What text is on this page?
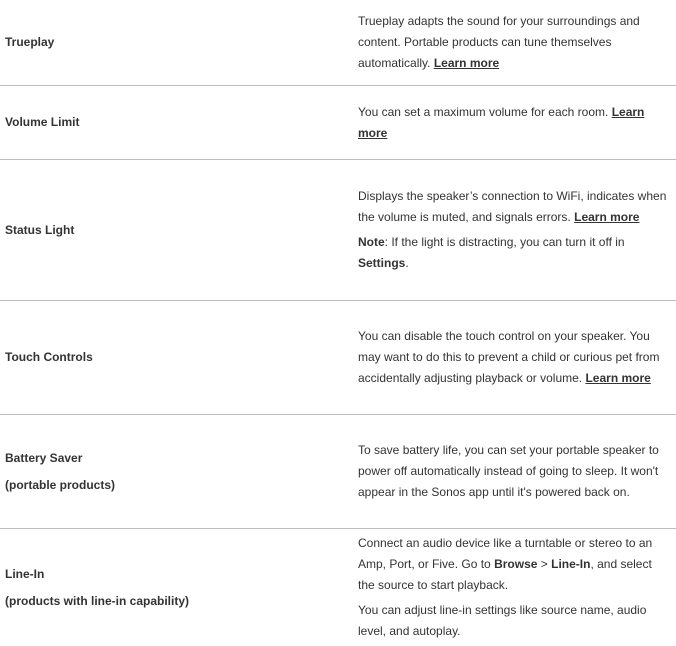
Trueplay

Trueplay adapts the sound for your surroundings and content. Portable products can tune themselves automatically. Learn more

Volume Limit

You can set a maximum volume for each room. Learn more

Status Light

Displays the speaker’s connection to WiFi, indicates when the volume is muted, and signals errors. Learn more

Note: If the light is distracting, you can turn it off in Settings.

Touch Controls

You can disable the touch control on your speaker. You may want to do this to prevent a child or curious pet from accidentally adjusting playback or volume. Learn more

Battery Saver
(portable products)

To save battery life, you can set your portable speaker to power off automatically instead of going to sleep. It won't appear in the Sonos app until it's powered back on.

Line-In
(products with line-in capability)

Connect an audio device like a turntable or stereo to an Amp, Port, or Five. Go to Browse > Line-In, and select the source to start playback.

You can adjust line-in settings like source name, audio level, and autoplay.
